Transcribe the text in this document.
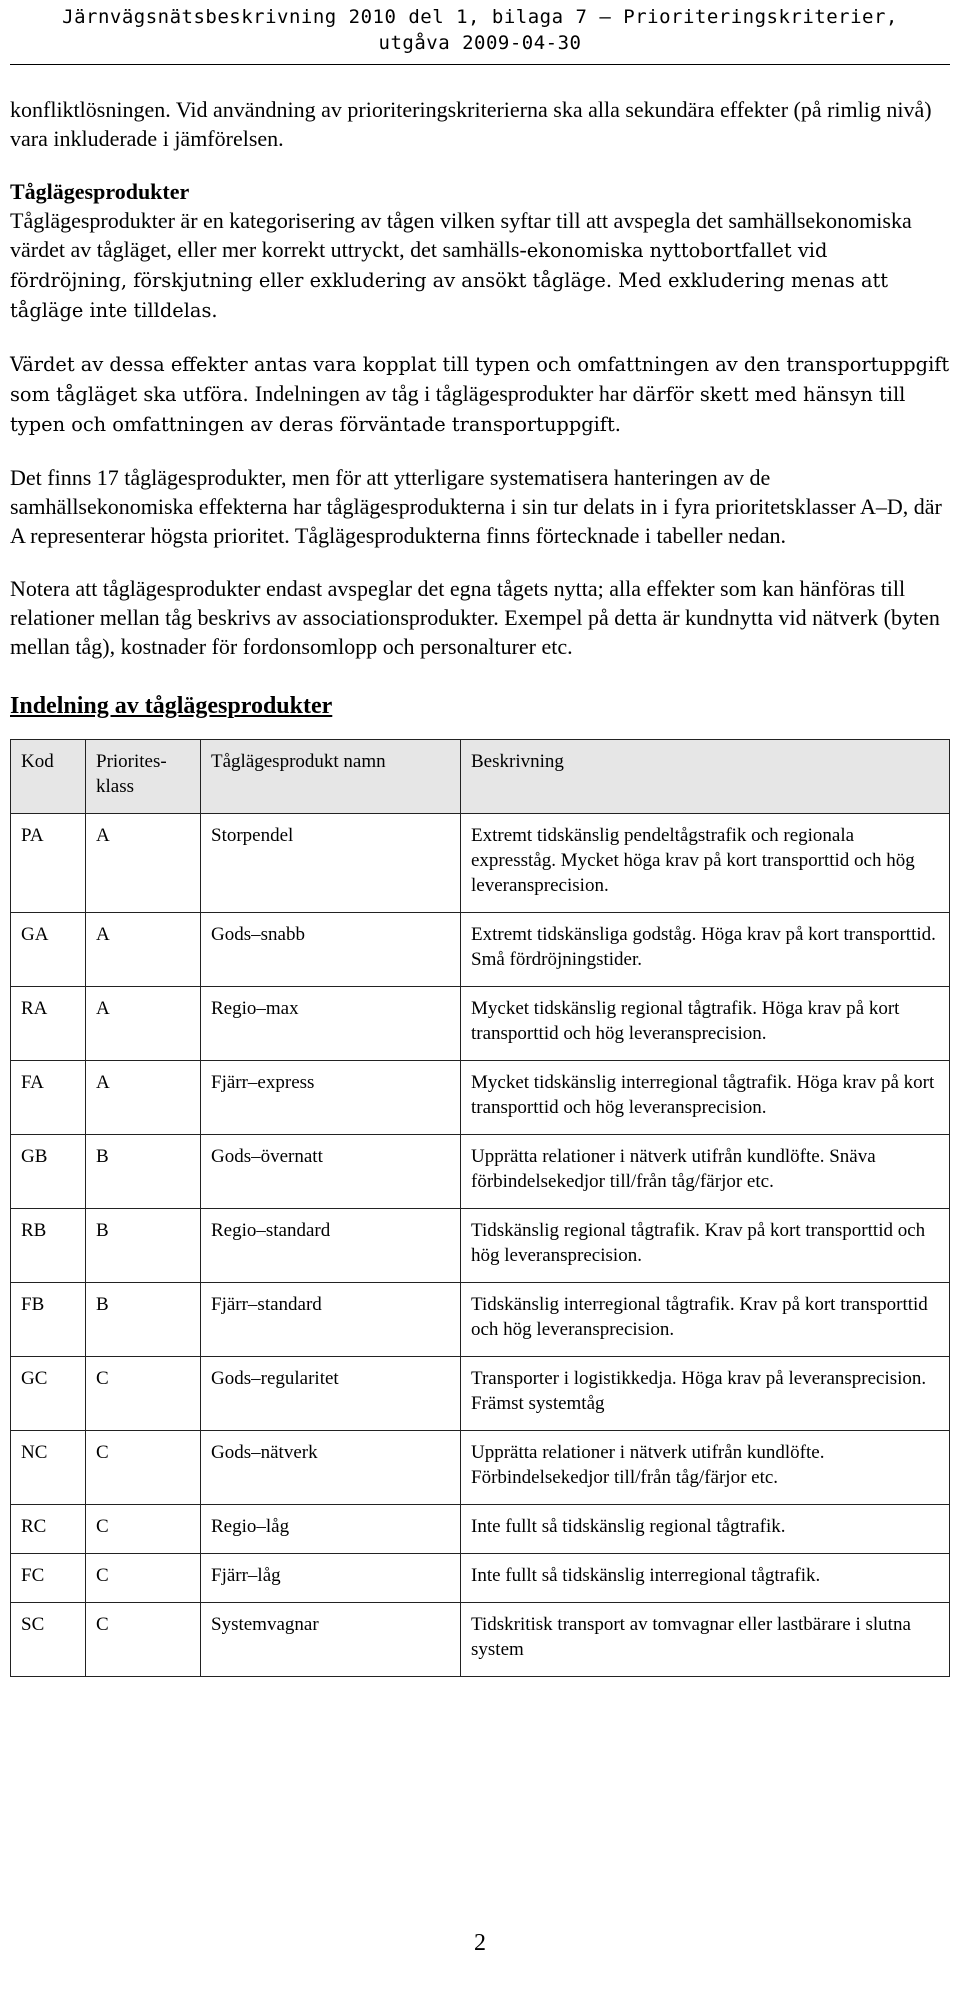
Järnvägsnätsbeskrivning 2010 del 1, bilaga 7 – Prioriteringskriterier,
utgåva 2009-04-30

konfliktlösningen. Vid användning av prioriteringskriterierna ska alla sekundära effekter (på rimlig nivå) vara inkluderade i jämförelsen.

Tåglägesprodukter

Tåglägesprodukter är en kategorisering av tågen vilken syftar till att avspegla det samhällsekonomiska värdet av tågläget, eller mer korrekt uttryckt, det samhälls-ekonomiska nyttobortfallet vid fördröjning, förskjutning eller exkludering av ansökt tågläge. Med exkludering menas att tågläge inte tilldelas.

Värdet av dessa effekter antas vara kopplat till typen och omfattningen av den transportuppgift som tågläget ska utföra. Indelningen av tåg i tåglägesprodukter har därför skett med hänsyn till typen och omfattningen av deras förväntade transportuppgift.

Det finns 17 tåglägesprodukter, men för att ytterligare systematisera hanteringen av de samhällsekonomiska effekterna har tåglägesprodukterna i sin tur delats in i fyra prioritetsklasser A–D, där A representerar högsta prioritet. Tåglägesprodukterna finns förtecknade i tabeller nedan.

Notera att tåglägesprodukter endast avspeglar det egna tågets nytta; alla effekter som kan hänföras till relationer mellan tåg beskrivs av associationsprodukter. Exempel på detta är kundnytta vid nätverk (byten mellan tåg), kostnader för fordonsomlopp och personalturer etc.

Indelning av tåglägesprodukter
Kod	Priorites-klass	Tåglägesprodukt namn	Beskrivning
PA	A	Storpendel	Extremt tidskänslig pendeltågstrafik och regionala expresståg. Mycket höga krav på kort transporttid och hög leveransprecision.
GA	A	Gods–snabb	Extremt tidskänsliga godståg. Höga krav på kort transporttid. Små fördröjningstider.
RA	A	Regio–max	Mycket tidskänslig regional tågtrafik. Höga krav på kort transporttid och hög leveransprecision.
FA	A	Fjärr–express	Mycket tidskänslig interregional tågtrafik. Höga krav på kort transporttid och hög leveransprecision.
GB	B	Gods–övernatt	Upprätta relationer i nätverk utifrån kundlöfte. Snäva förbindelsekedjor till/från tåg/färjor etc.
RB	B	Regio–standard	Tidskänslig regional tågtrafik. Krav på kort transporttid och hög leveransprecision.
FB	B	Fjärr–standard	Tidskänslig interregional tågtrafik. Krav på kort transporttid och hög leveransprecision.
GC	C	Gods–regularitet	Transporter i logistikkedja. Höga krav på leveransprecision. Främst systemtåg
NC	C	Gods–nätverk	Upprätta relationer i nätverk utifrån kundlöfte. Förbindelsekedjor till/från tåg/färjor etc.
RC	C	Regio–låg	Inte fullt så tidskänslig regional tågtrafik.
FC	C	Fjärr–låg	Inte fullt så tidskänslig interregional tågtrafik.
SC	C	Systemvagnar	Tidskritisk transport av tomvagnar eller lastbärare i slutna system
2
